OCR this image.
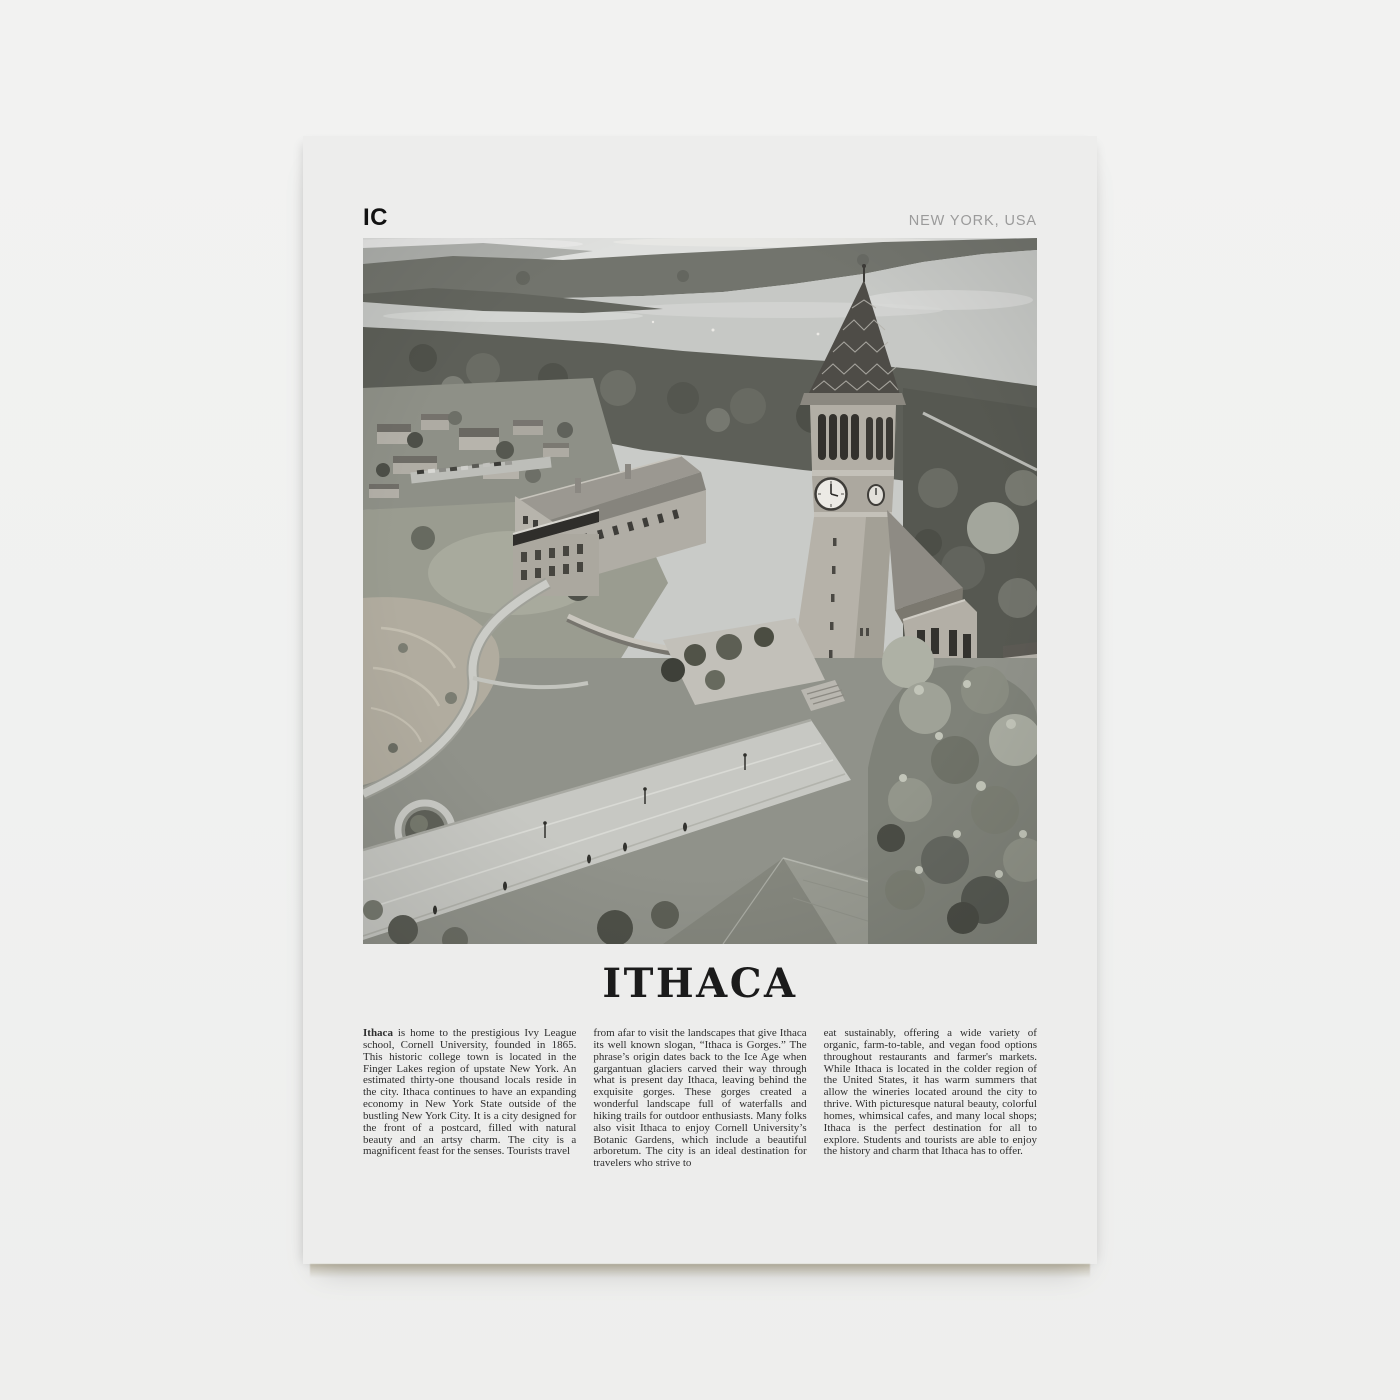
IC	NEW YORK, USA
ITHACA
Ithaca is home to the prestigious Ivy League school, Cornell University, founded in 1865. This historic college town is located in the Finger Lakes region of upstate New York. An estimated thirty-one thousand locals reside in the city. Ithaca continues to have an expanding economy in New York State outside of the bustling New York City. It is a city designed for the front of a postcard, filled with natural beauty and an artsy charm. The city is a magnificent feast for the senses. Tourists travel
from afar to visit the landscapes that give Ithaca its well known slogan, “Ithaca is Gorges.” The phrase’s origin dates back to the Ice Age when gargantuan glaciers carved their way through what is present day Ithaca, leaving behind the exquisite gorges. These gorges created a wonderful landscape full of waterfalls and hiking trails for outdoor enthusiasts. Many folks also visit Ithaca to enjoy Cornell University’s Botanic Gardens, which include a beautiful arboretum. The city is an ideal destination for travelers who strive to
eat sustainably, offering a wide variety of organic, farm-to-table, and vegan food options throughout restaurants and farmer's markets. While Ithaca is located in the colder region of the United States, it has warm summers that allow the wineries located around the city to thrive. With picturesque natural beauty, colorful homes, whimsical cafes, and many local shops; Ithaca is the perfect destination for all to explore. Students and tourists are able to enjoy the history and charm that Ithaca has to offer.
